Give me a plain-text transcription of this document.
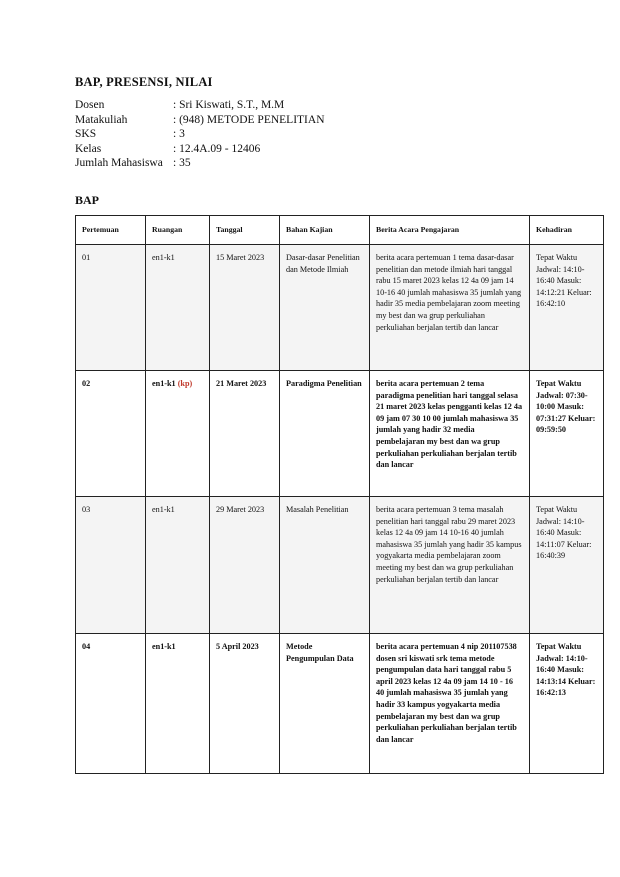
BAP, PRESENSI, NILAI
Dosen	: Sri Kiswati, S.T., M.M
Matakuliah	: (948) METODE PENELITIAN
SKS	: 3
Kelas	: 12.4A.09 - 12406
Jumlah Mahasiswa : 35
BAP
Pertemuan	Ruangan	Tanggal	Bahan Kajian	Berita Acara Pengajaran	Kehadiran
01	en1-k1	15 Maret 2023	Dasar-dasar Penelitian dan Metode Ilmiah	berita acara pertemuan 1 tema dasar-dasar penelitian dan metode ilmiah hari tanggal rabu 15 maret 2023 kelas 12 4a 09 jam 14 10-16 40 jumlah mahasiswa 35 jumlah yang hadir 35 media pembelajaran zoom meeting my best dan wa grup perkuliahan perkuliahan berjalan tertib dan lancar	Tepat Waktu Jadwal: 14:10-16:40 Masuk: 14:12:21 Keluar: 16:42:10
02	en1-k1 (kp)	21 Maret 2023	Paradigma Penelitian	berita acara pertemuan 2 tema paradigma penelitian hari tanggal selasa 21 maret 2023 kelas pengganti kelas 12 4a 09 jam 07 30 10 00 jumlah mahasiswa 35 jumlah yang hadir 32 media pembelajaran my best dan wa grup perkuliahan perkuliahan berjalan tertib dan lancar	Tepat Waktu Jadwal: 07:30-10:00 Masuk: 07:31:27 Keluar: 09:59:50
03	en1-k1	29 Maret 2023	Masalah Penelitian	berita acara pertemuan 3 tema masalah penelitian hari tanggal rabu 29 maret 2023 kelas 12 4a 09 jam 14 10-16 40 jumlah mahasiswa 35 jumlah yang hadir 35 kampus yogyakarta media pembelajaran zoom meeting my best dan wa grup perkuliahan perkuliahan berjalan tertib dan lancar	Tepat Waktu Jadwal: 14:10-16:40 Masuk: 14:11:07 Keluar: 16:40:39
04	en1-k1	5 April 2023	Metode Pengumpulan Data	berita acara pertemuan 4 nip 201107538 dosen sri kiswati srk tema metode pengumpulan data hari tanggal rabu 5 april 2023 kelas 12 4a 09 jam 14 10 - 16 40 jumlah mahasiswa 35 jumlah yang hadir 33 kampus yogyakarta media pembelajaran my best dan wa grup perkuliahan perkuliahan berjalan tertib dan lancar	Tepat Waktu Jadwal: 14:10-16:40 Masuk: 14:13:14 Keluar: 16:42:13
